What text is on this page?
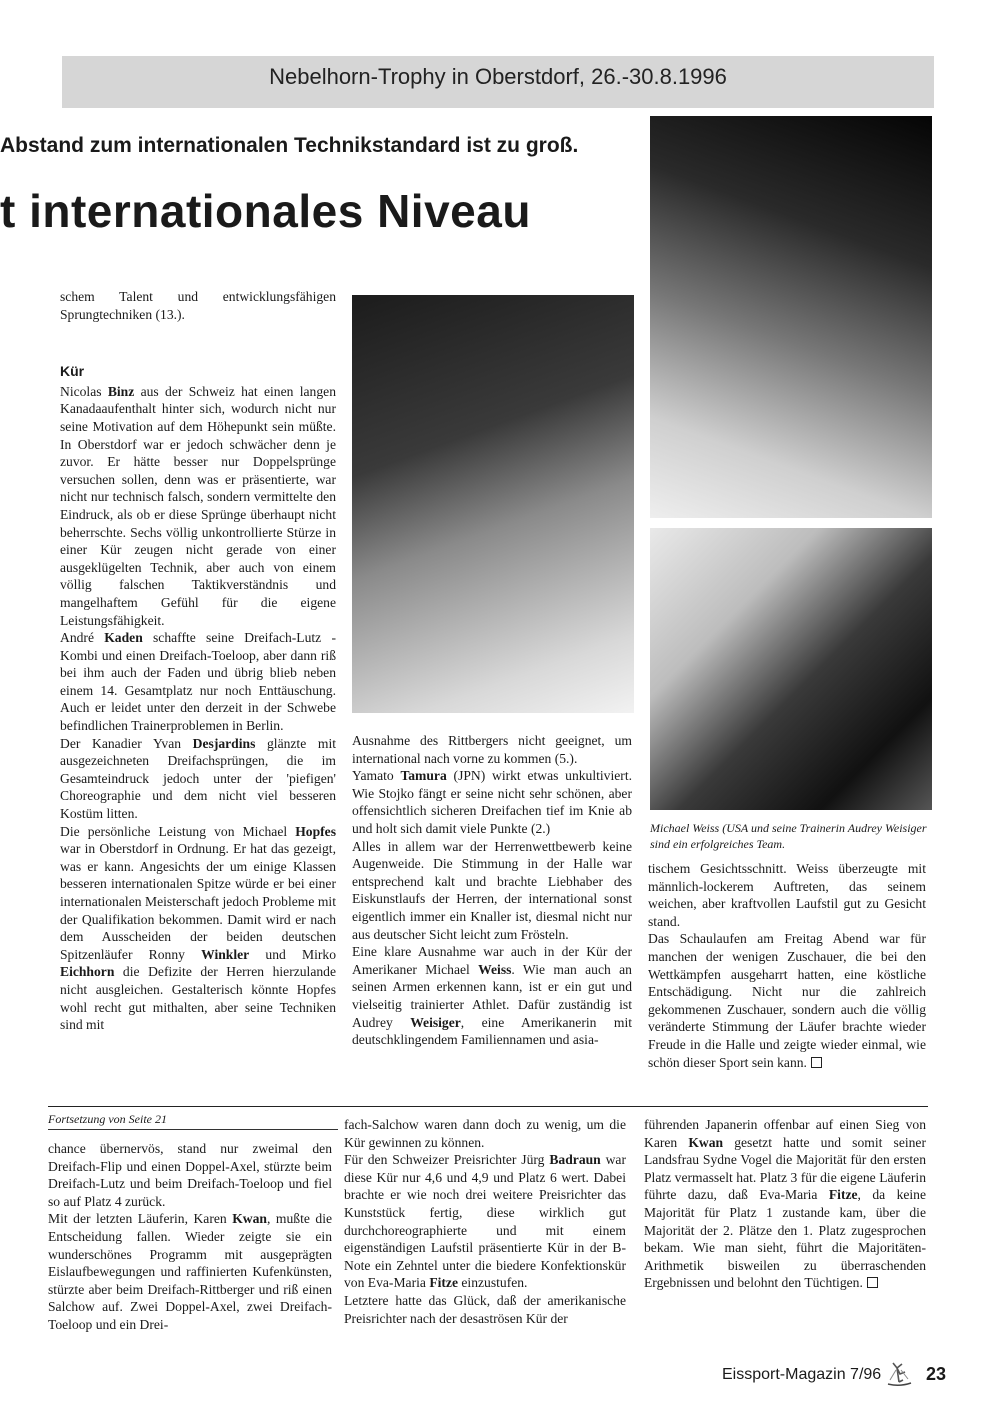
Nebelhorn-Trophy in Oberstdorf, 26.-30.8.1996
Abstand zum internationalen Technikstandard ist zu groß.
t internationales Niveau

schem Talent und entwicklungsfähigen Sprungtechniken (13.).

Kür

Nicolas Binz aus der Schweiz hat einen langen Kanadaaufenthalt hinter sich, wodurch nicht nur seine Motivation auf dem Höhepunkt sein müßte. In Oberstdorf war er jedoch schwächer denn je zuvor. Er hätte besser nur Doppelsprünge versuchen sollen, denn was er präsentierte, war nicht nur technisch falsch, sondern vermittelte den Eindruck, als ob er diese Sprünge überhaupt nicht beherrschte. Sechs völlig unkontrollierte Stürze in einer Kür zeugen nicht gerade von einer ausgeklügelten Technik, aber auch von einem völlig falschen Taktikverständnis und mangelhaftem Gefühl für die eigene Leistungsfähigkeit.

André Kaden schaffte seine Dreifach-Lutz - Kombi und einen Dreifach-Toeloop, aber dann riß bei ihm auch der Faden und übrig blieb neben einem 14. Gesamtplatz nur noch Enttäuschung. Auch er leidet unter den derzeit in der Schwebe befindlichen Trainerproblemen in Berlin.

Der Kanadier Yvan Desjardins glänzte mit ausgezeichneten Dreifachsprüngen, die im Gesamteindruck jedoch unter der 'piefigen' Choreographie und dem nicht viel besseren Kostüm litten.

Die persönliche Leistung von Michael Hopfes war in Oberstdorf in Ordnung. Er hat das gezeigt, was er kann. Angesichts der um einige Klassen besseren internationalen Spitze würde er bei einer internationalen Meisterschaft jedoch Probleme mit der Qualifikation bekommen. Damit wird er nach dem Ausscheiden der beiden deutschen Spitzenläufer Ronny Winkler und Mirko Eichhorn die Defizite der Herren hierzulande nicht ausgleichen. Gestalterisch könnte Hopfes wohl recht gut mithalten, aber seine Techniken sind mit

Michael Weiss (USA und seine Trainerin Audrey Weisiger sind ein erfolgreiches Team.

Ausnahme des Rittbergers nicht geeignet, um international nach vorne zu kommen (5.).

Yamato Tamura (JPN) wirkt etwas unkultiviert. Wie Stojko fängt er seine nicht sehr schönen, aber offensichtlich sicheren Dreifachen tief im Knie ab und holt sich damit viele Punkte (2.)

Alles in allem war der Herrenwettbewerb keine Augenweide. Die Stimmung in der Halle war entsprechend kalt und brachte Liebhaber des Eiskunstlaufs der Herren, der international sonst eigentlich immer ein Knaller ist, diesmal nicht nur aus deutscher Sicht leicht zum Frösteln.

Eine klare Ausnahme war auch in der Kür der Amerikaner Michael Weiss. Wie man auch an seinen Armen erkennen kann, ist er ein gut und vielseitig trainierter Athlet. Dafür zuständig ist Audrey Weisiger, eine Amerikanerin mit deutschklingendem Familiennamen und asia-

tischem Gesichtsschnitt. Weiss überzeugte mit männlich-lockerem Auftreten, das seinem weichen, aber kraftvollen Laufstil gut zu Gesicht stand.

Das Schaulaufen am Freitag Abend war für manchen der wenigen Zuschauer, die bei den Wettkämpfen ausgeharrt hatten, eine köstliche Entschädigung. Nicht nur die zahlreich gekommenen Zuschauer, sondern auch die völlig veränderte Stimmung der Läufer brachte wieder Freude in die Halle und zeigte wieder einmal, wie schön dieser Sport sein kann.

Fortsetzung von Seite 21

chance übernervös, stand nur zweimal den Dreifach-Flip und einen Doppel-Axel, stürzte beim Dreifach-Lutz und beim Dreifach-Toeloop und fiel so auf Platz 4 zurück.

Mit der letzten Läuferin, Karen Kwan, mußte die Entscheidung fallen. Wieder zeigte sie ein wunderschönes Programm mit ausgeprägten Eislaufbewegungen und raffinierten Kufenkünsten, stürzte aber beim Dreifach-Rittberger und riß einen Salchow auf. Zwei Doppel-Axel, zwei Dreifach-Toeloop und ein Drei-

fach-Salchow waren dann doch zu wenig, um die Kür gewinnen zu können.

Für den Schweizer Preisrichter Jürg Badraun war diese Kür nur 4,6 und 4,9 und Platz 6 wert. Dabei brachte er wie noch drei weitere Preisrichter das Kunststück fertig, diese wirklich gut durchchoreographierte und mit einem eigenständigen Laufstil präsentierte Kür in der B-Note ein Zehntel unter die biedere Konfektionskür von Eva-Maria Fitze einzustufen.

Letztere hatte das Glück, daß der amerikanische Preisrichter nach der desaströsen Kür der

führenden Japanerin offenbar auf einen Sieg von Karen Kwan gesetzt hatte und somit seiner Landsfrau Sydne Vogel die Majorität für den ersten Platz vermasselt hat. Platz 3 für die eigene Läuferin führte dazu, daß Eva-Maria Fitze, da keine Majorität für Platz 1 zustande kam, über die Majorität der 2. Plätze den 1. Platz zugesprochen bekam. Wie man sieht, führt die Majoritäten-Arithmetik bisweilen zu überraschenden Ergebnissen und belohnt den Tüchtigen.

Eissport-Magazin 7/96 23
